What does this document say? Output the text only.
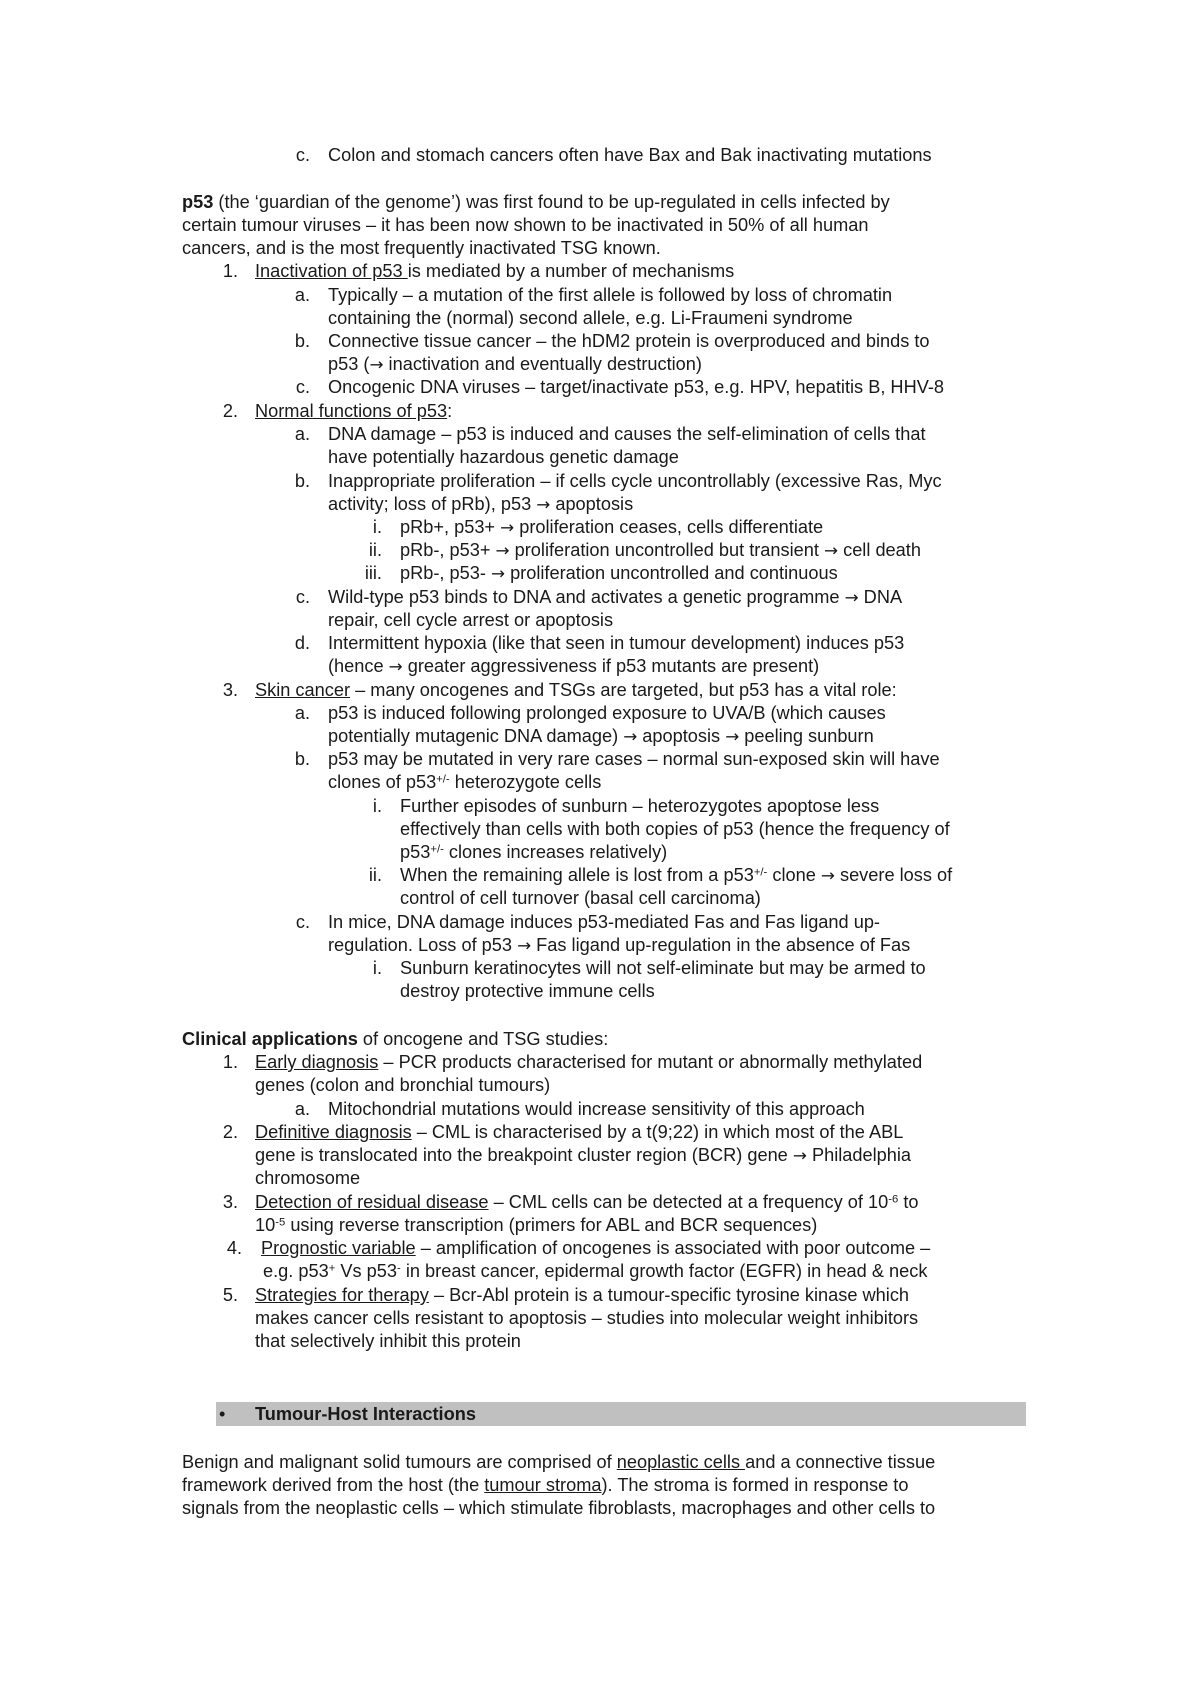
c. Colon and stomach cancers often have Bax and Bak inactivating mutations
p53 (the ‘guardian of the genome’) was first found to be up-regulated in cells infected by
certain tumour viruses – it has been now shown to be inactivated in 50% of all human
cancers, and is the most frequently inactivated TSG known.
1. Inactivation of p53 is mediated by a number of mechanisms
a. Typically – a mutation of the first allele is followed by loss of chromatin
containing the (normal) second allele, e.g. Li-Fraumeni syndrome
b. Connective tissue cancer – the hDM2 protein is overproduced and binds to
p53 (→ inactivation and eventually destruction)
c. Oncogenic DNA viruses – target/inactivate p53, e.g. HPV, hepatitis B, HHV-8
2. Normal functions of p53:
a. DNA damage – p53 is induced and causes the self-elimination of cells that
have potentially hazardous genetic damage
b. Inappropriate proliferation – if cells cycle uncontrollably (excessive Ras, Myc
activity; loss of pRb), p53 → apoptosis
i. pRb+, p53+ → proliferation ceases, cells differentiate
ii. pRb-, p53+ → proliferation uncontrolled but transient → cell death
iii. pRb-, p53- → proliferation uncontrolled and continuous
c. Wild-type p53 binds to DNA and activates a genetic programme → DNA
repair, cell cycle arrest or apoptosis
d. Intermittent hypoxia (like that seen in tumour development) induces p53
(hence → greater aggressiveness if p53 mutants are present)
3. Skin cancer – many oncogenes and TSGs are targeted, but p53 has a vital role:
a. p53 is induced following prolonged exposure to UVA/B (which causes
potentially mutagenic DNA damage) → apoptosis → peeling sunburn
b. p53 may be mutated in very rare cases – normal sun-exposed skin will have
clones of p53+/- heterozygote cells
i. Further episodes of sunburn – heterozygotes apoptose less
effectively than cells with both copies of p53 (hence the frequency of
p53+/- clones increases relatively)
ii. When the remaining allele is lost from a p53+/- clone → severe loss of
control of cell turnover (basal cell carcinoma)
c. In mice, DNA damage induces p53-mediated Fas and Fas ligand up-
regulation. Loss of p53 → Fas ligand up-regulation in the absence of Fas
i. Sunburn keratinocytes will not self-eliminate but may be armed to
destroy protective immune cells
Clinical applications of oncogene and TSG studies:
1. Early diagnosis – PCR products characterised for mutant or abnormally methylated
genes (colon and bronchial tumours)
a. Mitochondrial mutations would increase sensitivity of this approach
2. Definitive diagnosis – CML is characterised by a t(9;22) in which most of the ABL
gene is translocated into the breakpoint cluster region (BCR) gene → Philadelphia
chromosome
3. Detection of residual disease – CML cells can be detected at a frequency of $10^{-6}$ to
$10^{-5}$ using reverse transcription (primers for ABL and BCR sequences)
4. Prognostic variable – amplification of oncogenes is associated with poor outcome –
e.g. p53+ Vs p53- in breast cancer, epidermal growth factor (EGFR) in head & neck
5. Strategies for therapy – Bcr-Abl protein is a tumour-specific tyrosine kinase which
makes cancer cells resistant to apoptosis – studies into molecular weight inhibitors
that selectively inhibit this protein
• Tumour-Host Interactions
Benign and malignant solid tumours are comprised of neoplastic cells and a connective tissue
framework derived from the host (the tumour stroma). The stroma is formed in response to
signals from the neoplastic cells – which stimulate fibroblasts, macrophages and other cells to
